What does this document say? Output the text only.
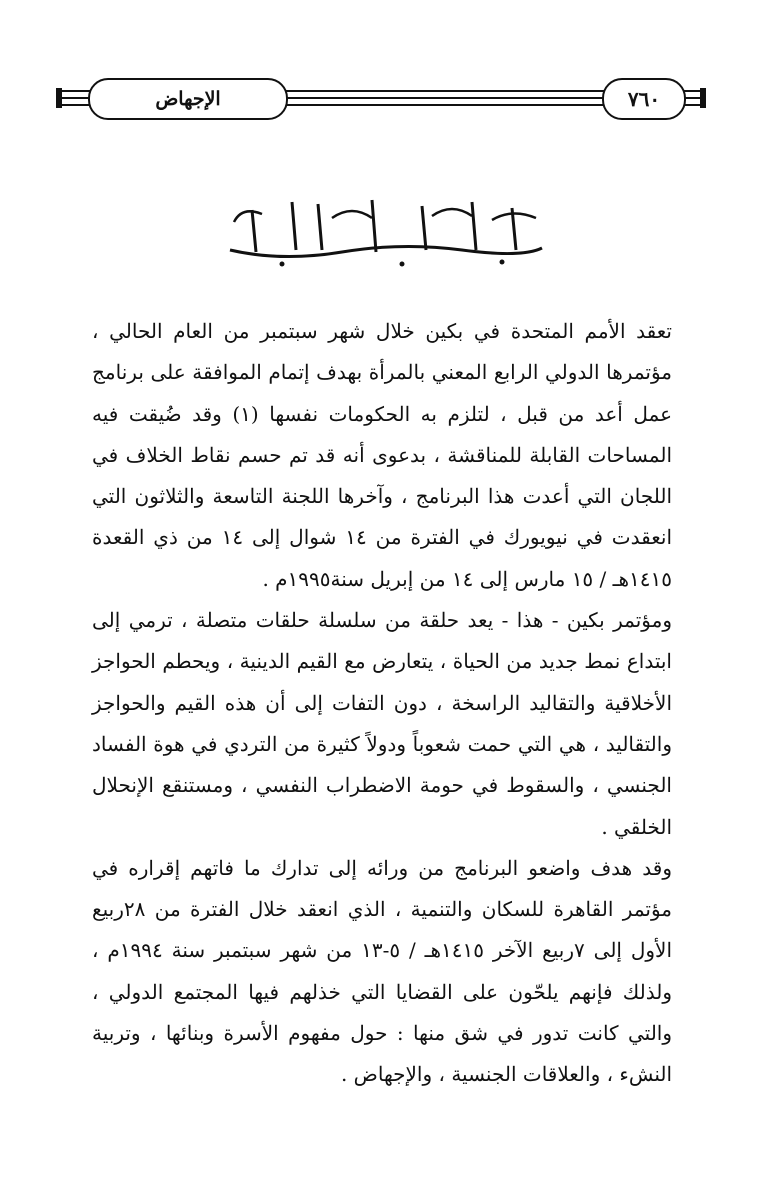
الإجهاض	٧٦٠

تعقد الأمم المتحدة في بكين خلال شهر سبتمبر من العام الحالي ، مؤتمرها الدولي الرابع المعني بالمرأة بهدف إتمام الموافقة على برنامج عمل أعد من قبل ، لتلزم به الحكومات نفسها (١) وقد ضُيقت فيه المساحات القابلة للمناقشة ، بدعوى أنه قد تم حسم نقاط الخلاف في اللجان التي أعدت هذا البرنامج ، وآخرها اللجنة التاسعة والثلاثون التي انعقدت في نيويورك في الفترة من ١٤ شوال إلى ١٤ من ذي القعدة ١٤١٥هـ / ١٥ مارس إلى ١٤ من إبريل سنة١٩٩٥م .

ومؤتمر بكين - هذا - يعد حلقة من سلسلة حلقات متصلة ، ترمي إلى ابتداع نمط جديد من الحياة ، يتعارض مع القيم الدينية ، ويحطم الحواجز الأخلاقية والتقاليد الراسخة ، دون التفات إلى أن هذه القيم والحواجز والتقاليد ، هي التي حمت شعوباً ودولاً كثيرة من التردي في هوة الفساد الجنسي ، والسقوط في حومة الاضطراب النفسي ، ومستنقع الإنحلال الخلقي .

وقد هدف واضعو البرنامج من ورائه إلى تدارك ما فاتهم إقراره في مؤتمر القاهرة للسكان والتنمية ، الذي انعقد خلال الفترة من ٢٨ربيع الأول إلى ٧ربيع الآخر ١٤١٥هـ / ٥-١٣ من شهر سبتمبر سنة ١٩٩٤م ، ولذلك فإنهم يلحّون على القضايا التي خذلهم فيها المجتمع الدولي ، والتي كانت تدور في شق منها : حول مفهوم الأسرة وبنائها ، وتربية النشء ، والعلاقات الجنسية ، والإجهاض .
